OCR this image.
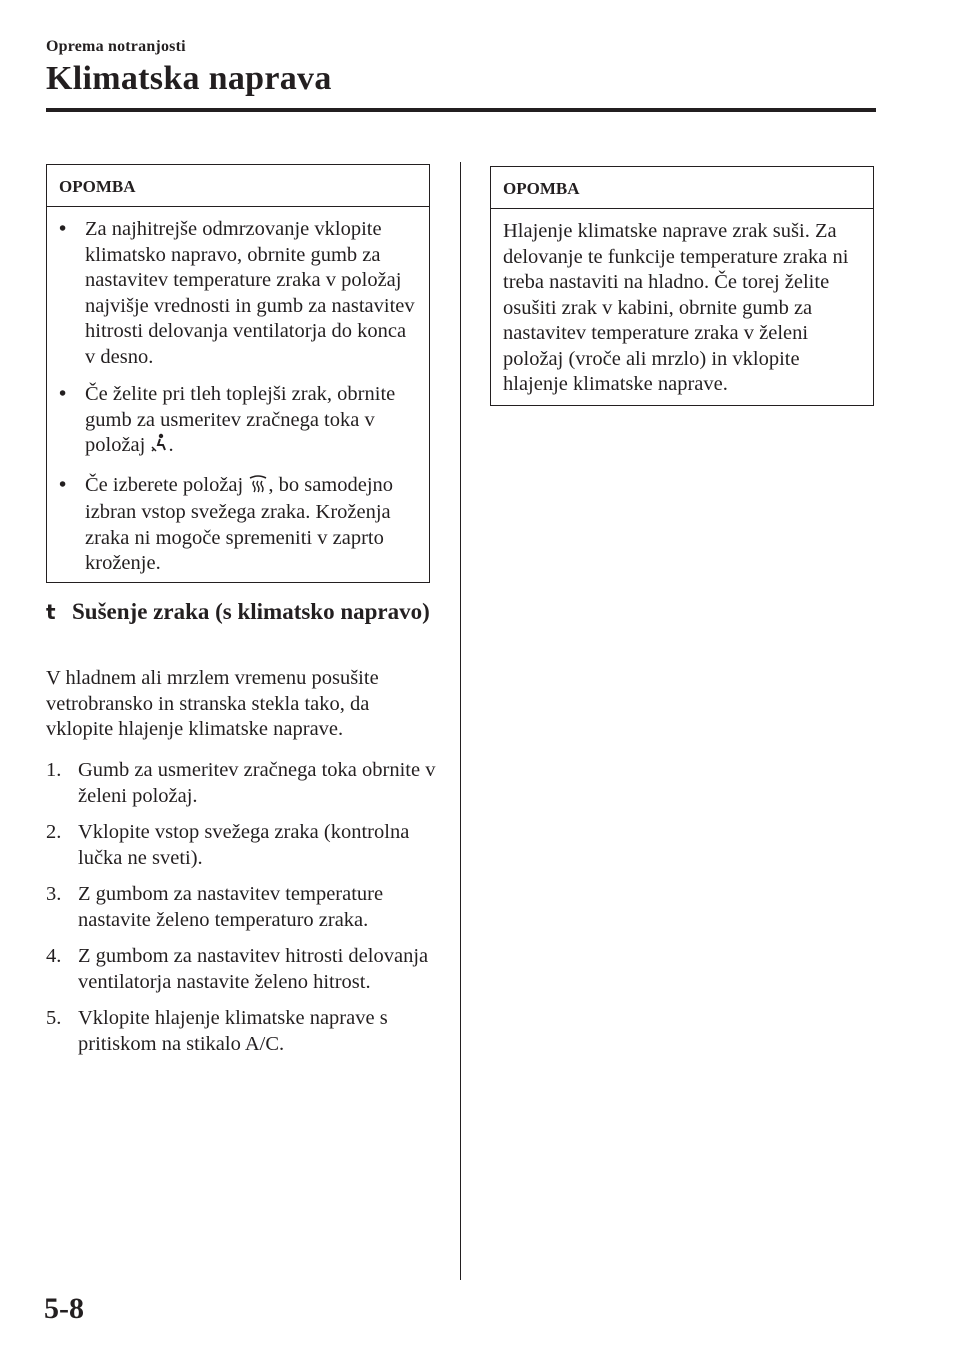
Oprema notranjosti
Klimatska naprava
OPOMBA
• Za najhitrejše odmrzovanje vklopite klimatsko napravo, obrnite gumb za nastavitev temperature zraka v položaj najvišje vrednosti in gumb za nastavitev hitrosti delovanja ventilatorja do konca v desno.
• Če želite pri tleh toplejši zrak, obrnite gumb za usmeritev zračnega toka v položaj .
• Če izberete položaj , bo samodejno izbran vstop svežega zraka. Kroženja zraka ni mogoče spremeniti v zaprto kroženje.
t Sušenje zraka (s klimatsko napravo)
V hladnem ali mrzlem vremenu posušite vetrobransko in stranska stekla tako, da vklopite hlajenje klimatske naprave.
1. Gumb za usmeritev zračnega toka obrnite v želeni položaj.
2. Vklopite vstop svežega zraka (kontrolna lučka ne sveti).
3. Z gumbom za nastavitev temperature nastavite želeno temperaturo zraka.
4. Z gumbom za nastavitev hitrosti delovanja ventilatorja nastavite želeno hitrost.
5. Vklopite hlajenje klimatske naprave s pritiskom na stikalo A/C.
OPOMBA
Hlajenje klimatske naprave zrak suši. Za delovanje te funkcije temperature zraka ni treba nastaviti na hladno. Če torej želite osušiti zrak v kabini, obrnite gumb za nastavitev temperature zraka v želeni položaj (vroče ali mrzlo) in vklopite hlajenje klimatske naprave.
5-8
